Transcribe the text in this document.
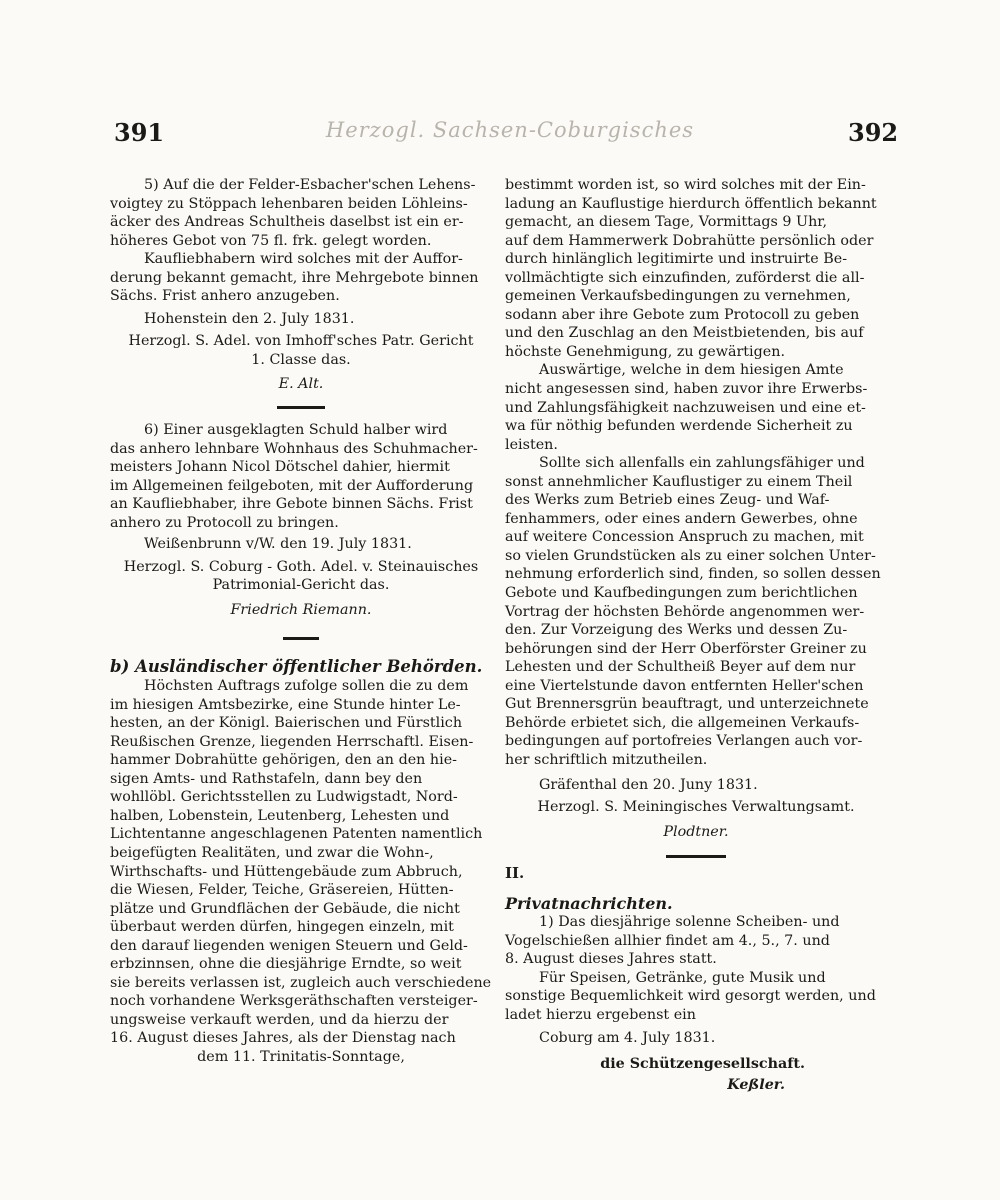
391	Herzogl. Sachsen-Coburgisches	392

5) Auf die der Felder-Esbacher'schen Lehens-

voigtey zu Stöppach lehenbaren beiden Löhleins-

äcker des Andreas Schultheis daselbst ist ein er-

höheres Gebot von 75 fl. frk. gelegt worden.

Kaufliebhabern wird solches mit der Auffor-

derung bekannt gemacht, ihre Mehrgebote binnen

Sächs. Frist anhero anzugeben.

Hohenstein den 2. July 1831.

Herzogl. S. Adel. von Imhoff'sches Patr. Gericht

1. Classe das.

E. Alt.

6) Einer ausgeklagten Schuld halber wird

das anhero lehnbare Wohnhaus des Schuhmacher-

meisters Johann Nicol Dötschel dahier, hiermit

im Allgemeinen feilgeboten, mit der Aufforderung

an Kaufliebhaber, ihre Gebote binnen Sächs. Frist

anhero zu Protocoll zu bringen.

Weißenbrunn v/W. den 19. July 1831.

Herzogl. S. Coburg - Goth. Adel. v. Steinauisches

Patrimonial-Gericht das.

Friedrich Riemann.

b) Ausländischer öffentlicher Behörden.

Höchsten Auftrags zufolge sollen die zu dem

im hiesigen Amtsbezirke, eine Stunde hinter Le-

hesten, an der Königl. Baierischen und Fürstlich

Reußischen Grenze, liegenden Herrschaftl. Eisen-

hammer Dobrahütte gehörigen, den an den hie-

sigen Amts- und Rathstafeln, dann bey den

wohllöbl. Gerichtsstellen zu Ludwigstadt, Nord-

halben, Lobenstein, Leutenberg, Lehesten und

Lichtentanne angeschlagenen Patenten namentlich

beigefügten Realitäten, und zwar die Wohn-,

Wirthschafts- und Hüttengebäude zum Abbruch,

die Wiesen, Felder, Teiche, Gräsereien, Hütten-

plätze und Grundflächen der Gebäude, die nicht

überbaut werden dürfen, hingegen einzeln, mit

den darauf liegenden wenigen Steuern und Geld-

erbzinnsen, ohne die diesjährige Erndte, so weit

sie bereits verlassen ist, zugleich auch verschiedene

noch vorhandene Werksgeräthschaften versteiger-

ungsweise verkauft werden, und da hierzu der

16. August dieses Jahres, als der Dienstag nach

dem 11. Trinitatis-Sonntage,

bestimmt worden ist, so wird solches mit der Ein-

ladung an Kauflustige hierdurch öffentlich bekannt

gemacht, an diesem Tage, Vormittags 9 Uhr,

auf dem Hammerwerk Dobrahütte persönlich oder

durch hinlänglich legitimirte und instruirte Be-

vollmächtigte sich einzufinden, zuförderst die all-

gemeinen Verkaufsbedingungen zu vernehmen,

sodann aber ihre Gebote zum Protocoll zu geben

und den Zuschlag an den Meistbietenden, bis auf

höchste Genehmigung, zu gewärtigen.

Auswärtige, welche in dem hiesigen Amte

nicht angesessen sind, haben zuvor ihre Erwerbs-

und Zahlungsfähigkeit nachzuweisen und eine et-

wa für nöthig befunden werdende Sicherheit zu

leisten.

Sollte sich allenfalls ein zahlungsfähiger und

sonst annehmlicher Kauflustiger zu einem Theil

des Werks zum Betrieb eines Zeug- und Waf-

fenhammers, oder eines andern Gewerbes, ohne

auf weitere Concession Anspruch zu machen, mit

so vielen Grundstücken als zu einer solchen Unter-

nehmung erforderlich sind, finden, so sollen dessen

Gebote und Kaufbedingungen zum berichtlichen

Vortrag der höchsten Behörde angenommen wer-

den. Zur Vorzeigung des Werks und dessen Zu-

behörungen sind der Herr Oberförster Greiner zu

Lehesten und der Schultheiß Beyer auf dem nur

eine Viertelstunde davon entfernten Heller'schen

Gut Brennersgrün beauftragt, und unterzeichnete

Behörde erbietet sich, die allgemeinen Verkaufs-

bedingungen auf portofreies Verlangen auch vor-

her schriftlich mitzutheilen.

Gräfenthal den 20. Juny 1831.

Herzogl. S. Meiningisches Verwaltungsamt.

Plodtner.

II.

Privatnachrichten.

1) Das diesjährige solenne Scheiben- und

Vogelschießen allhier findet am 4., 5., 7. und

8. August dieses Jahres statt.

Für Speisen, Getränke, gute Musik und

sonstige Bequemlichkeit wird gesorgt werden, und

ladet hierzu ergebenst ein

Coburg am 4. July 1831.

die Schützengesellschaft.

Keßler.
